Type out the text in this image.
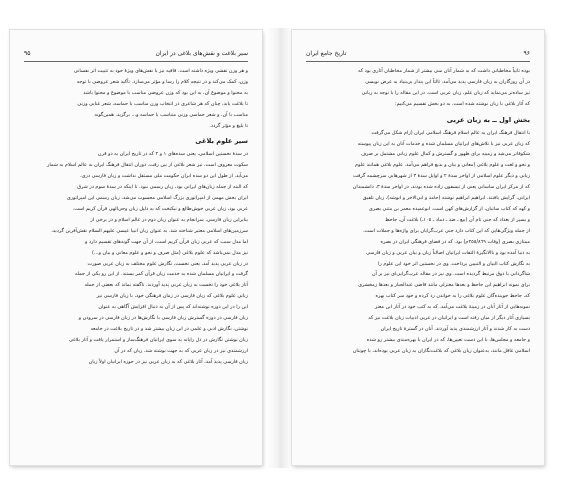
سیر بلاغت و نقش‌های بلاغی در ایران
۹۵

و هر وزن نقشی ویژه داشته است. قافیه نیز با نقش‌های ویژهٔ خود به تثبیت اثر نفسانی

وزن، کمک می‌کند و در نتیجه کلام را رسا و مؤثر می‌سازد. تأکید شعر عروضی با توجه

به محتوا و موضوع آن، به این بود که وزن عروضی مناسب با موضوع و محتوا باشد

تا بلاغت یابد، چنان که هر شاعری در انتخاب وزن مناسب با حماسه، شعر غنایی وزنی

مناسب با آن، ‌و شعر حماسی وزنی متناسب با حماسه و... برگزید. همین‌گونه

تا بلیغ و مؤثر گردد.

سیر علوم بلاغی

در سدهٔ نخستین اسلامی، یعنی سده‌های ۱ و ۲ که در تاریخ ایران به دو قرن

سکوت معروف است، نیز شعر بلاغی از بین رفت. دوران انتقال فرهنگ ایران به عالم اسلام به شمار

می‌آید. از طول این دو سده ایران حکومت ملی مستقل نداشت و زبان فارسی دری،

که البته از جمله زبان‌های ایرانی بود، زبان رسمی نبود. تا اینکه در سدهٔ سوم در شرق

ایران بخش مهمی از امپراتوری بزرگ اسلامی محسوب می‌شد، زبان رسمی این امپراتوری

عربی بود، زبان عربی خوش‌طالع و نیکبخت که به دلیل زبان وحی‌الهی قرآن کریم است.

بنابراین زبان فارسی، سرانجام به عنوان زبان دوم در عالم اسلام و در برخی از

سرزمین‌های اسلامی معتبر شناخته شد. به عنوان زبان انبیا عیسی علیهم السلام نقش‌آفرین گردید،

اما مدل سبب که عربی زبان قرآن کریم است، از آن جهت گونه‌های تقسیم دارد و

نیز مدل نمی‌باشد که علوم بلاغی (مثل صرف و نحو و علوم معانی و بیان و...)

در زبان عربی پدید آمد، یعنی نخست، نگارش علوم مختلف به زبان عربی صورت

گرفت و ایرانیان مسلمان شده به خدمت زبان قرآن کمر بستند. از این رو یکی از جمله

آثار بلاغی خود را نخست به زبان عربی پدید آوردند. ناگفته نماند که بعضی از جمله

زبانی علوم بلاغی که زبان فارسی در زمان فرهنگی خود، با زبان فارسی نیز

این را در این دوره نوشته‌اند که پس از آن به دنبال افزایش آگاهی به عنوان

زبان فارسی در دوره گسترش زبان فارسی با نگارش‌ها در زبان فارسی در سرودن و

نوشتن، نگارش ادبی و علمی در این زبان بیشتر شد و در تاریخ بلاغت در جامعه

زبان نوشتن نگارش در دل رایانه به سوی ایرانیان فرهنگ‌ساز و استمرار یافت و آثار بلاغی

ارزشمندی نیز در زبان عربی که به جهت نوشته شد. زبان که در آن

زبان فارسی پدید آمد، آثار بلاغی که به زبان عربی نیز در حوزه ایرانیان اولاً زبان

۹۶
تاریخ جامع ایران

بوده ثانیاً مخاطبانی داشت که به شمار آنان سی بیشتر از شمار مخاطبان آثاری بود که

در آن روزگاران به زبان فارسی پدید می‌آمد. ثالثاً این پندار بی‌بنیاد ‌به عرض نویسی

نیز ساده‌تر می‌نماید که زبان علم، زبان عربی است. در این مقاله را با توجه به زبانی

که آثار بلاغی با زبان نوشته شده است. به دو بخش تقسیم می‌کنیم:

بخش اول ــ به زبان عربی

با انتقال فرهنگ ایران به عالم اسلام فرهنگ اسلامی ایران (زام شکل می‌گرفت

که زبان عربی نیز با تلاش‌های ایرانیان مسلمان شده و خدمات آنان به این زبان پیوسته

شکوفاتر می‌شد و زمینه برای ظهور و گسترش و کمال علوم زبانی مشتمل بر صرف

و نحو و لغت و علوم بلاغی (معانی و بیان و بدیع فراهم می‌آمد. علوم بلاغی همانند علوم

زبانی و دیگر علوم اسلامی از اواخر سدهٔ ۲ و اوایل سدهٔ ۳ از شهرهایی سرچشمه گرفت

که از مرکز ایران ساسانی یعنی از تیسفون زاده شده بودند، در اواخر سدهٔ ۳، دانشمندان

ایرانی، گرایش یافتند. ابراهیم ابراهیم نوشته (حامد و ابی‌الاخر و انوشه)، زبان تلفیق

و کهه که کتاب ساتبان، از گزارش‌های کهن است. ابوعمیده معمر بن مثنی بصری

و بسیر از بغداد که جنی تام آن (بیع ـ ضد ـ دماد ـ ١٠٥ـ) بلاغت آن، جاحظ

از جمله ویژگی‌هایی که این کتاب دارد جنی عرب‌گرایان برای واژه‌ها و جملات است،

ممتازی بصری (وفات ٢٥٥/٨٦٩م) بود. که در فضای فرهنگی ایران در بصره

به دنیا آمده بود و باالانگیزهٔ التفات ایرانیان اصالتاً زبان و بیان عربی و زبان فارسی

به نگارش کتاب البیان و التبیین پرداخت. وی در نخستین اثر خود این علوم را

شاگردانی با ذوق مرتبط گردیده است. وی نیز در مقاله عرب‌گرا‌یی‌ای نیز بر آن

برای نمونه ابراهیم این جاحظ و بعدها معتزلی مانند قاضی عبدالجبار و بعدها زمخشری

که، جاحظ جوینده‌گان علوم بلاغی را به خواندن رد کرده و خود سر کتاب بهره

نمونه‌هایی از آثار آنان در زمینهٔ بلاغت می‌آمد. که به کتب خود در آثار ابن معتز

بسیاری آثار دیگر از میان رفته است و ایرانیان در عربی ادبیات زبان بلاغت نیز که

دست به کار شدند و آثار ارزشمندی پدید آوردند. آنان در گسترهٔ تاریخ ایران

و جامعه و مجلس‌ها، با این دست تعیین‌ها، که در ایران با بهره‌مندی بیشتر رو شده

اسلامی غافل مانند، به‌عنوان زبان بلاغی که بلاغت‌نگاران به زبان عربی بوده‌اند، با چونتان
